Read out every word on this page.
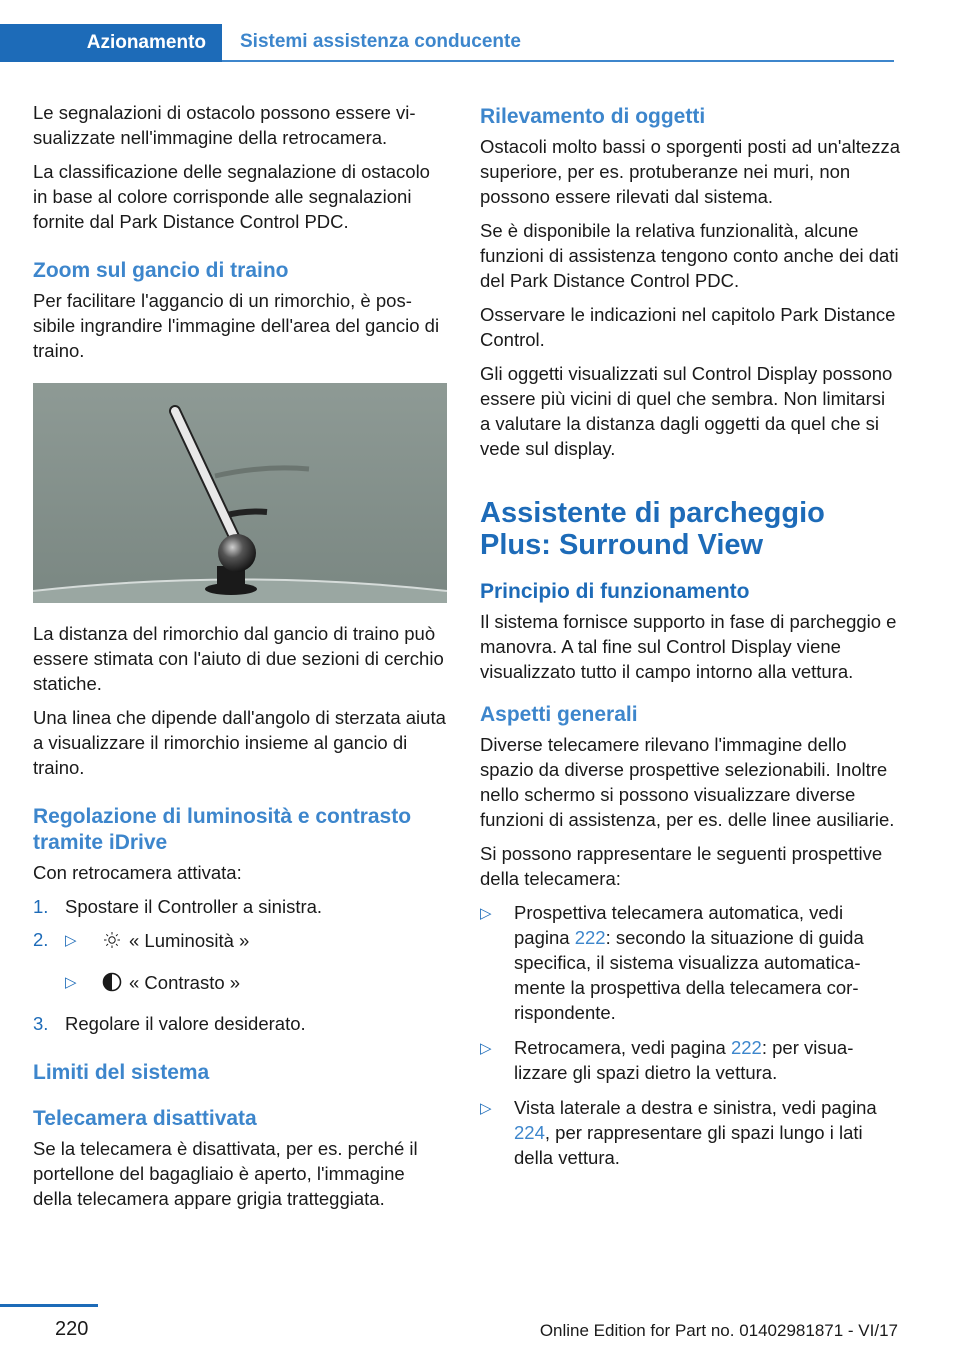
Azionamento	Sistemi assistenza conducente

Le segnalazioni di ostacolo possono essere visualizzate nell'immagine della retrocamera.

La classificazione delle segnalazione di ostacolo in base al colore corrisponde alle segnalazioni fornite dal Park Distance Control PDC.

Zoom sul gancio di traino

Per facilitare l'aggancio di un rimorchio, è possibile ingrandire l'immagine dell'area del gancio di traino.

La distanza del rimorchio dal gancio di traino può essere stimata con l'aiuto di due sezioni di cerchio statiche.

Una linea che dipende dall'angolo di sterzata aiuta a visualizzare il rimorchio insieme al gancio di traino.

Regolazione di luminosità e contrasto tramite iDrive

Con retrocamera attivata:

1. Spostare il Controller a sinistra.
2.	▷	« Luminosità »
▷	« Contrasto »
3. Regolare il valore desiderato.
Limiti del sistema
Telecamera disattivata

Se la telecamera è disattivata, per es. perché il portellone del bagagliaio è aperto, l'immagine della telecamera appare grigia tratteggiata.

Rilevamento di oggetti

Ostacoli molto bassi o sporgenti posti ad un'altezza superiore, per es. protuberanze nei muri, non possono essere rilevati dal sistema.

Se è disponibile la relativa funzionalità, alcune funzioni di assistenza tengono conto anche dei dati del Park Distance Control PDC.

Osservare le indicazioni nel capitolo Park Distance Control.

Gli oggetti visualizzati sul Control Display possono essere più vicini di quel che sembra. Non limitarsi a valutare la distanza dagli oggetti da quel che si vede sul display.

Assistente di parcheggio Plus: Surround View
Principio di funzionamento

Il sistema fornisce supporto in fase di parcheggio e manovra. A tal fine sul Control Display viene visualizzato tutto il campo intorno alla vettura.

Aspetti generali

Diverse telecamere rilevano l'immagine dello spazio da diverse prospettive selezionabili. Inoltre nello schermo si possono visualizzare diverse funzioni di assistenza, per es. delle linee ausiliarie.

Si possono rappresentare le seguenti prospettive della telecamera:

▷	Prospettiva telecamera automatica, vedi pagina 222: secondo la situazione di guida specifica, il sistema visualizza automaticamente la prospettiva della telecamera corrispondente.
▷	Retrocamera, vedi pagina 222: per visualizzare gli spazi dietro la vettura.
▷	Vista laterale a destra e sinistra, vedi pagina 224, per rappresentare gli spazi lungo i lati della vettura.
220	Online Edition for Part no. 01402981871 - VI/17
